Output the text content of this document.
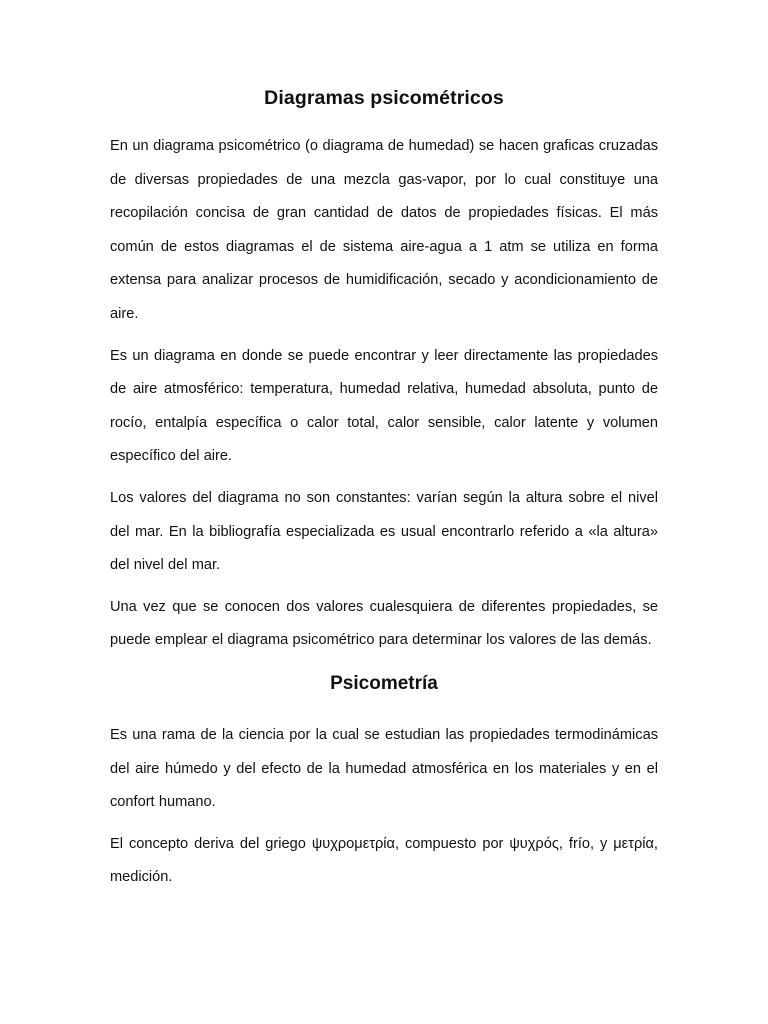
Diagramas psicométricos

En un diagrama psicométrico (o diagrama de humedad) se hacen graficas cruzadas de diversas propiedades de una mezcla gas-vapor, por lo cual constituye una recopilación concisa de gran cantidad de datos de propiedades físicas. El más común de estos diagramas el de sistema aire-agua a 1 atm se utiliza en forma extensa para analizar procesos de humidificación, secado y acondicionamiento de aire.

Es un diagrama en donde se puede encontrar y leer directamente las propiedades de aire atmosférico: temperatura, humedad relativa, humedad absoluta, punto de rocío, entalpía específica o calor total, calor sensible, calor latente y volumen específico del aire.

Los valores del diagrama no son constantes: varían según la altura sobre el nivel del mar. En la bibliografía especializada es usual encontrarlo referido a «la altura» del nivel del mar.

Una vez que se conocen dos valores cualesquiera de diferentes propiedades, se puede emplear el diagrama psicométrico para determinar los valores de las demás.

Psicometría

Es una rama de la ciencia por la cual se estudian las propiedades termodinámicas del aire húmedo y del efecto de la humedad atmosférica en los materiales y en el confort humano.

El concepto deriva del griego ψυχρομετρία, compuesto por ψυχρός, frío, y μετρία, medición.
